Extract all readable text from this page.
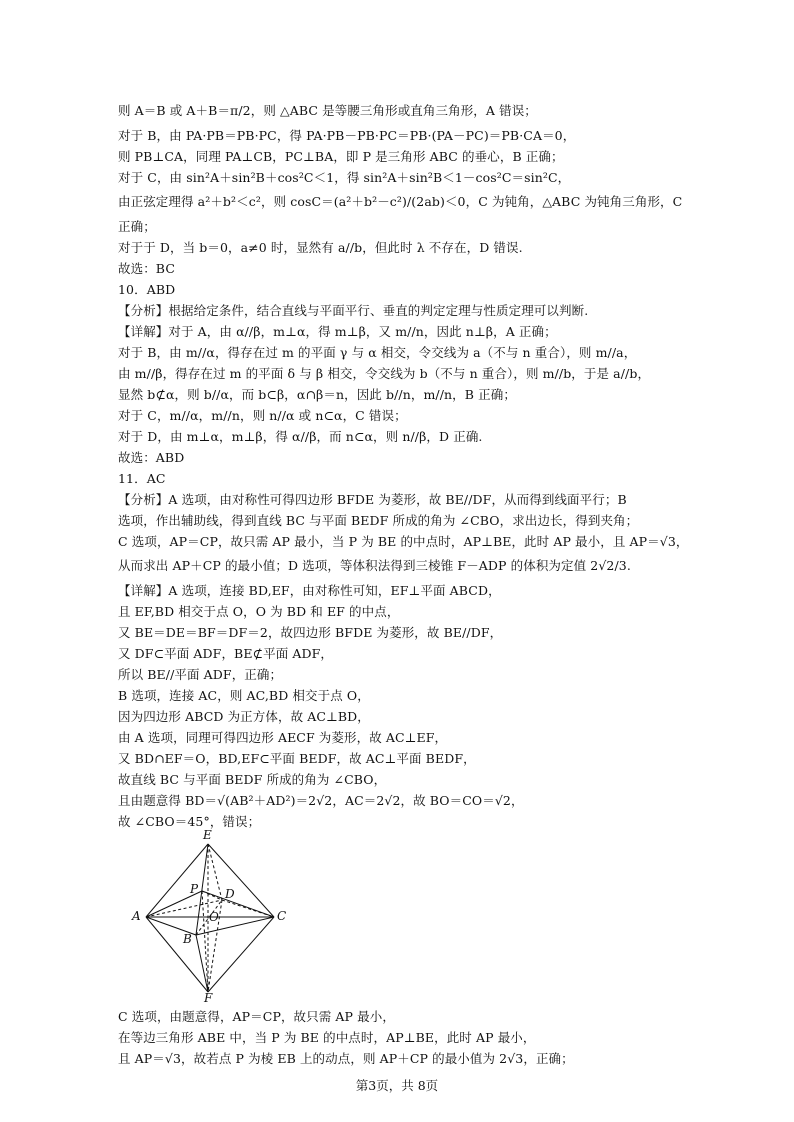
则 A＝B 或 A＋B＝π/2，则 △ABC 是等腰三角形或直角三角形，A 错误；
对于 B，由 PA·PB＝PB·PC，得 PA·PB－PB·PC＝PB·(PA－PC)＝PB·CA＝0，
则 PB⊥CA，同理 PA⊥CB，PC⊥BA，即 P 是三角形 ABC 的垂心，B 正确；
对于 C，由 sin²A＋sin²B＋cos²C＜1，得 sin²A＋sin²B＜1－cos²C＝sin²C，
由正弦定理得 a²＋b²＜c²，则 cosC＝(a²＋b²－c²)/(2ab)＜0，C 为钝角，△ABC 为钝角三角形，C
正确；
对于于 D，当 b＝0，a≠0 时，显然有 a//b，但此时 λ 不存在，D 错误.
故选：BC
10．ABD
【分析】根据给定条件，结合直线与平面平行、垂直的判定定理与性质定理可以判断.
【详解】对于 A，由 α//β，m⊥α，得 m⊥β，又 m//n，因此 n⊥β，A 正确；
对于 B，由 m//α，得存在过 m 的平面 γ 与 α 相交，令交线为 a（不与 n 重合），则 m//a，
由 m//β，得存在过 m 的平面 δ 与 β 相交，令交线为 b（不与 n 重合），则 m//b，于是 a//b，
显然 b⊄α，则 b//α，而 b⊂β，α∩β＝n，因此 b//n，m//n，B 正确；
对于 C，m//α，m//n，则 n//α 或 n⊂α，C 错误；
对于 D，由 m⊥α，m⊥β，得 α//β，而 n⊂α，则 n//β，D 正确.
故选：ABD
11．AC
【分析】A 选项，由对称性可得四边形 BFDE 为菱形，故 BE//DF，从而得到线面平行；B
选项，作出辅助线，得到直线 BC 与平面 BEDF 所成的角为 ∠CBO，求出边长，得到夹角；
C 选项，AP＝CP，故只需 AP 最小，当 P 为 BE 的中点时，AP⊥BE，此时 AP 最小，且 AP＝√3，
从而求出 AP＋CP 的最小值；D 选项，等体积法得到三棱锥 F－ADP 的体积为定值 2√2/3.
【详解】A 选项，连接 BD,EF，由对称性可知，EF⊥平面 ABCD，
且 EF,BD 相交于点 O，O 为 BD 和 EF 的中点，
又 BE＝DE＝BF＝DF＝2，故四边形 BFDE 为菱形，故 BE//DF，
又 DF⊂平面 ADF，BE⊄平面 ADF，
所以 BE//平面 ADF，正确；
B 选项，连接 AC，则 AC,BD 相交于点 O，
因为四边形 ABCD 为正方体，故 AC⊥BD，
由 A 选项，同理可得四边形 AECF 为菱形，故 AC⊥EF，
又 BD∩EF＝O，BD,EF⊂平面 BEDF，故 AC⊥平面 BEDF，
故直线 BC 与平面 BEDF 所成的角为 ∠CBO，
且由题意得 BD＝√(AB²＋AD²)＝2√2，AC＝2√2，故 BO＝CO＝√2，
故 ∠CBO＝45°，错误；
E
P D
A	O	C
B
F
C 选项，由题意得，AP＝CP，故只需 AP 最小，
在等边三角形 ABE 中，当 P 为 BE 的中点时，AP⊥BE，此时 AP 最小，
且 AP＝√3，故若点 P 为棱 EB 上的动点，则 AP＋CP 的最小值为 2√3，正确；
第3页，共 8页
